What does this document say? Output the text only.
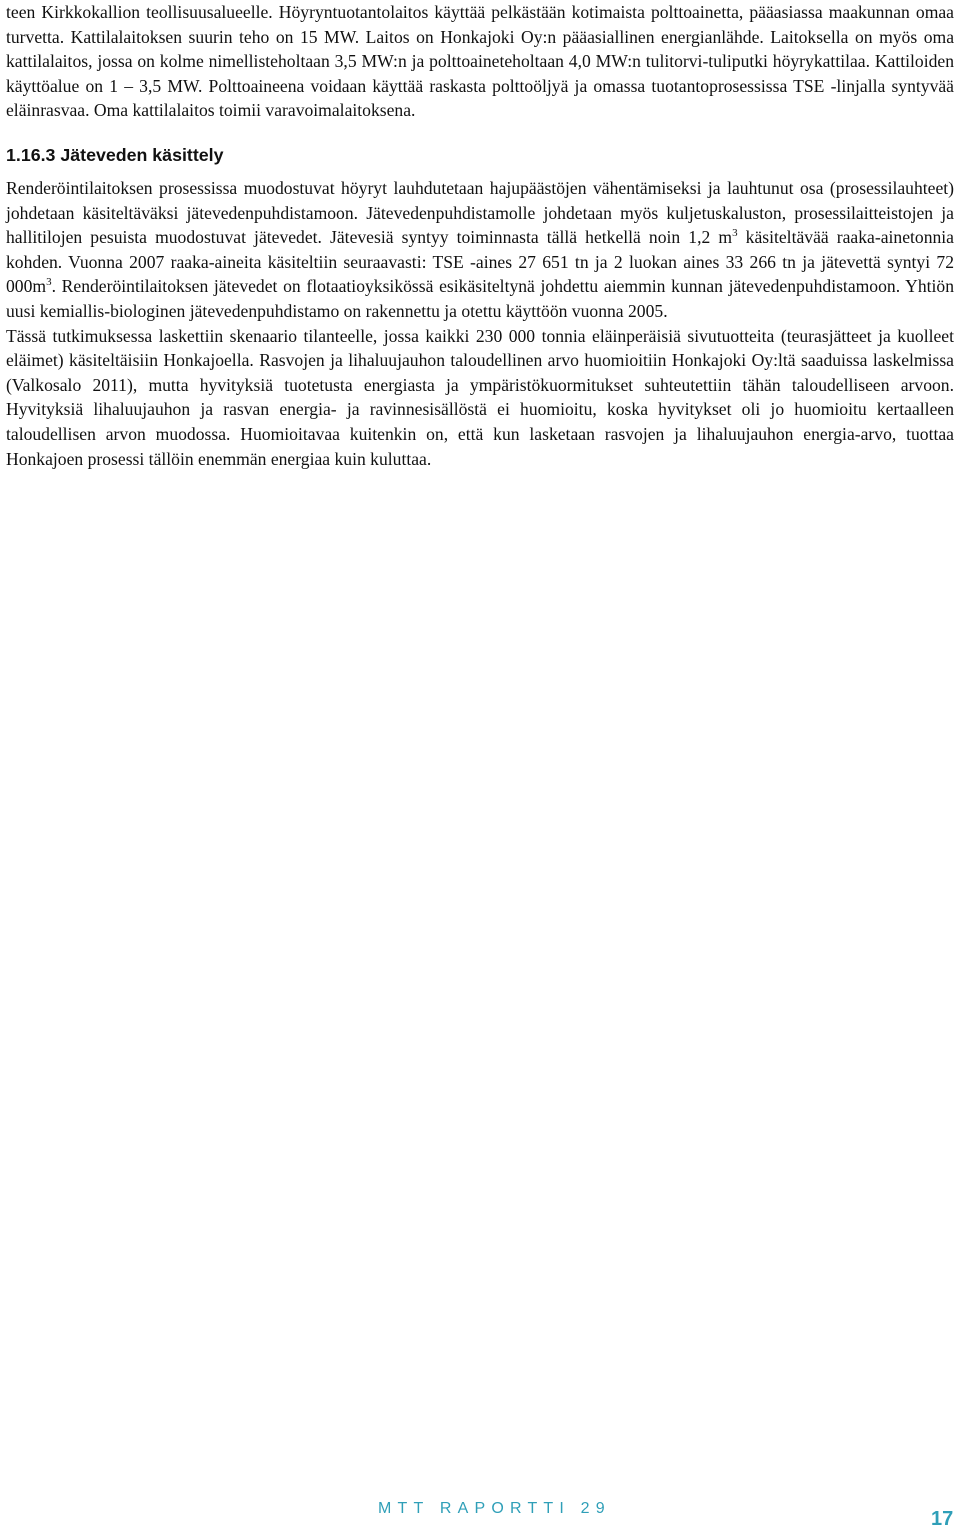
teen Kirkkokallion teollisuusalueelle. Höyryntuotantolaitos käyttää pelkästään kotimaista polttoainetta, pääasiassa maakunnan omaa turvetta. Kattilalaitoksen suurin teho on 15 MW. Laitos on Honkajoki Oy:n pääasiallinen energianlähde. Laitoksella on myös oma kattilalaitos, jossa on kolme nimellisteholtaan 3,5 MW:n ja polttoaineteholtaan 4,0 MW:n tulitorvi-tuliputki höyrykattilaa. Kattiloiden käyttöalue on 1 – 3,5 MW. Polttoaineena voidaan käyttää raskasta polttoöljyä ja omassa tuotantoprosessissa TSE -linjalla syntyvää eläinrasvaa. Oma kattilalaitos toimii varavoimalaitoksena.

1.16.3 Jäteveden käsittely

Renderöintilaitoksen prosessissa muodostuvat höyryt lauhdutetaan hajupäästöjen vähentämiseksi ja lauhtunut osa (prosessilauhteet) johdetaan käsiteltäväksi jätevedenpuhdistamoon. Jätevedenpuhdistamolle johdetaan myös kuljetuskaluston, prosessilaitteistojen ja hallitilojen pesuista muodostuvat jätevedet. Jätevesiä syntyy toiminnasta tällä hetkellä noin 1,2 $m^3$ käsiteltävää raaka-ainetonnia kohden. Vuonna 2007 raaka-aineita käsiteltiin seuraavasti: TSE -aines 27 651 tn ja 2 luokan aines 33 266 tn ja jätevettä syntyi 72 $000m^3$. Renderöintilaitoksen jätevedet on flotaatioyksikössä esikäsiteltynä johdettu aiemmin kunnan jätevedenpuhdistamoon. Yhtiön uusi kemiallis-biologinen jätevedenpuhdistamo on rakennettu ja otettu käyttöön vuonna 2005.

Tässä tutkimuksessa laskettiin skenaario tilanteelle, jossa kaikki 230 000 tonnia eläinperäisiä sivutuotteita (teurasjätteet ja kuolleet eläimet) käsiteltäisiin Honkajoella. Rasvojen ja lihaluujauhon taloudellinen arvo huomioitiin Honkajoki Oy:ltä saaduissa laskelmissa (Valkosalo 2011), mutta hyvityksiä tuotetusta energiasta ja ympäristökuormitukset suhteutettiin tähän taloudelliseen arvoon. Hyvityksiä lihaluujauhon ja rasvan energia- ja ravinnesisällöstä ei huomioitu, koska hyvitykset oli jo huomioitu kertaalleen taloudellisen arvon muodossa. Huomioitavaa kuitenkin on, että kun lasketaan rasvojen ja lihaluujauhon energia-arvo, tuottaa Honkajoen prosessi tällöin enemmän energiaa kuin kuluttaa.

MTT RAPORTTI 29	17
